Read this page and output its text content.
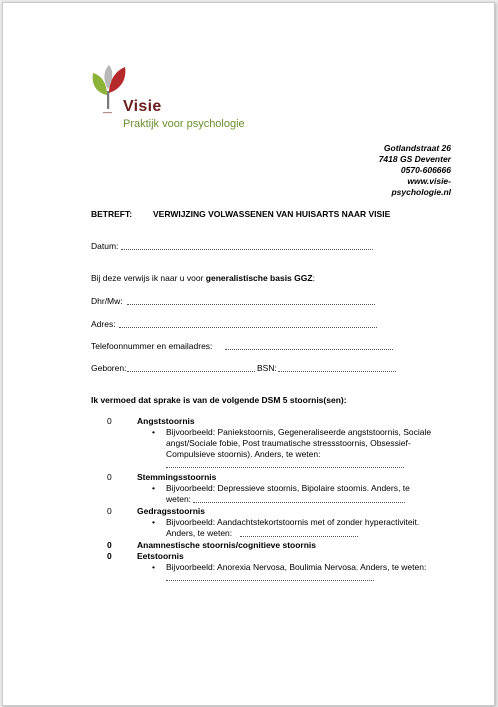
_ Visie
Praktijk voor psychologie
Gotlandstraat 26
7418 GS Deventer
0570-606666
www.visie-
psychologie.nl
BETREFT: VERWIJZING VOLWASSENEN VAN HUISARTS NAAR VISIE
Datum:
Bij deze verwijs ik naar u voor generalistische basis GGZ:
Dhr/Mw:
Adres:
Telefoonnummer en emailadres:
Geboren:	BSN:
Ik vermoed dat sprake is van de volgende DSM 5 stoornis(sen):
0	Angststoornis
• Bijvoorbeeld: Paniekstoornis, Gegeneraliseerde angststoornis, Sociale
angst/Sociale fobie, Post traumatische stressstoornis, Obsessief-
Compulsieve stoornis). Anders, te weten:
0	Stemmingsstoornis
• Bijvoorbeeld: Depressieve stoornis, Bipolaire stoornis. Anders, te
weten:
0	Gedragsstoornis
• Bijvoorbeeld: Aandachtstekortstoornis met of zonder hyperactiviteit.
Anders, te weten:
0	Anamnestische stoornis/cognitieve stoornis
0	Eetstoornis
• Bijvoorbeeld: Anorexia Nervosa, Boulimia Nervosa. Anders, te weten:
